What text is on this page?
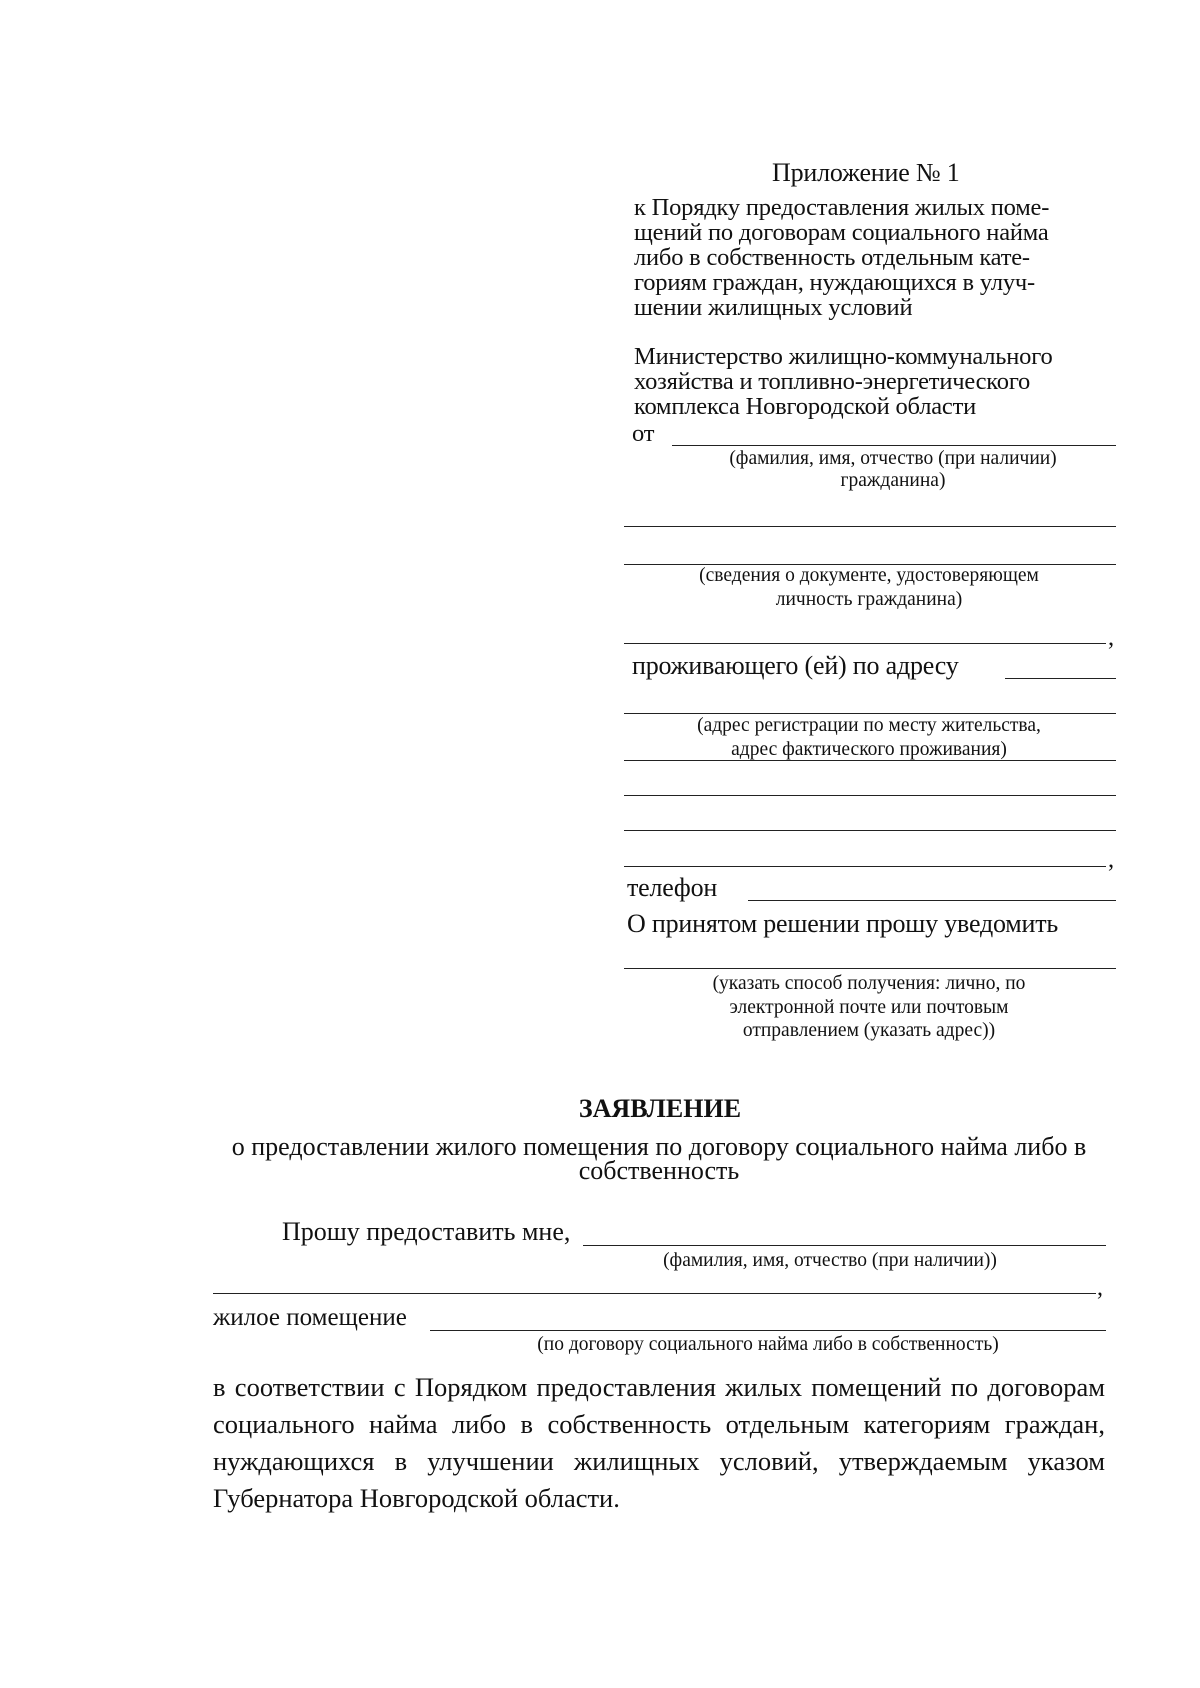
Приложение № 1
к Порядку предоставления жилых поме-
щений по договорам социального найма
либо в собственность отдельным кате-
гориям граждан, нуждающихся в улуч-
шении жилищных условий
Министерство жилищно-коммунального
хозяйства и топливно-энергетического
комплекса Новгородской области
от
(фамилия, имя, отчество (при наличии)
гражданина)
(сведения о документе, удостоверяющем
личность гражданина)
,
проживающего (ей) по адресу
(адрес регистрации по месту жительства,
адрес фактического проживания)
,
телефон
О принятом решении прошу уведомить
(указать способ получения: лично, по
электронной почте или почтовым
отправлением (указать адрес))
ЗАЯВЛЕНИЕ
о предоставлении жилого помещения по договору социального найма либо в
собственность
Прошу предоставить мне,
(фамилия, имя, отчество (при наличии))
,
жилое помещение
(по договору социального найма либо в собственность)
в соответствии с Порядком предоставления жилых помещений по договорам
социального найма либо в собственность отдельным категориям граждан,
нуждающихся в улучшении жилищных условий, утверждаемым указом
Губернатора Новгородской области.
